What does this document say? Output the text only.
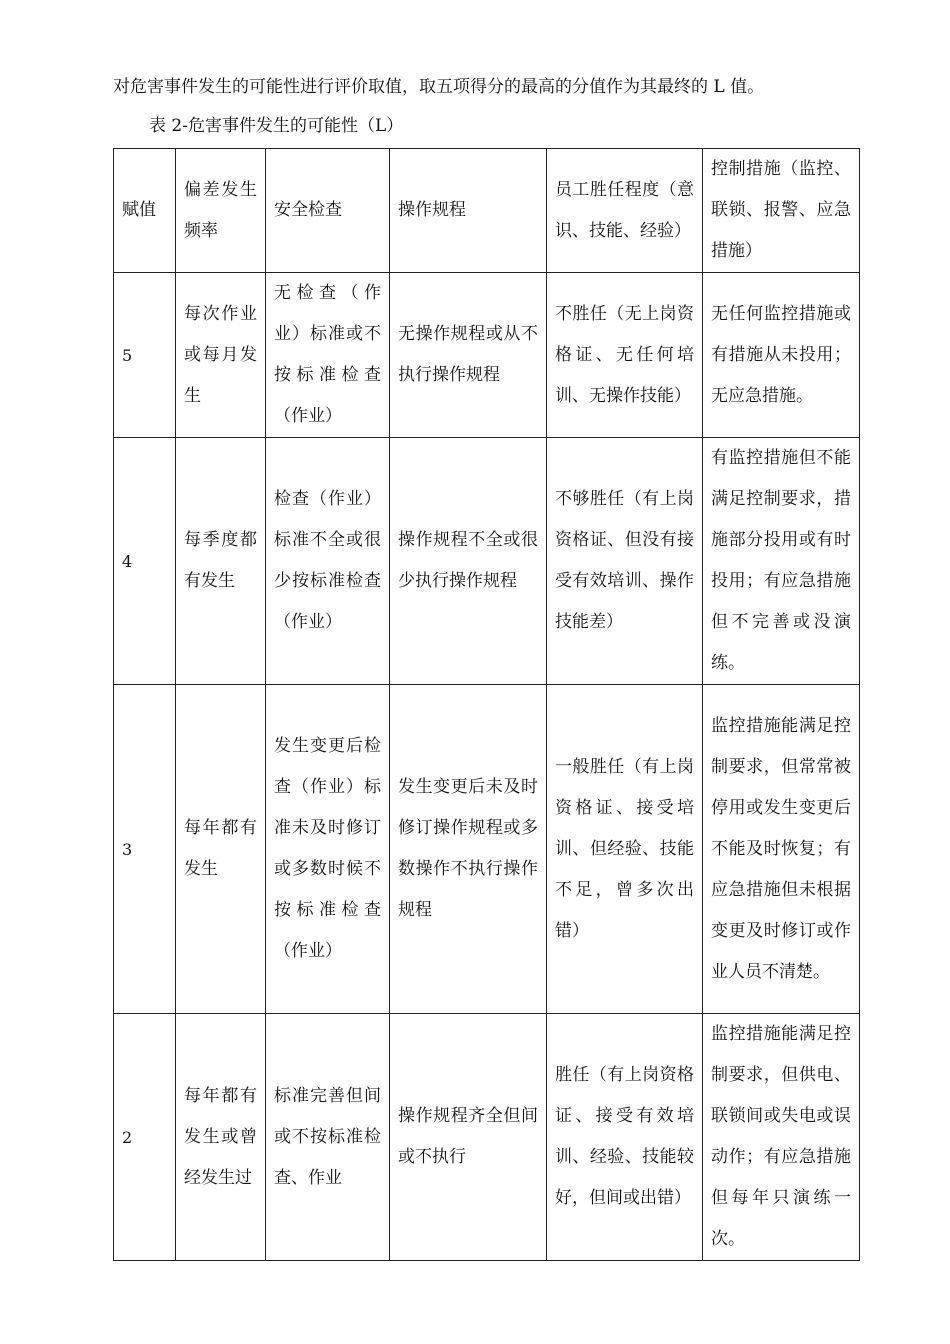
对危害事件发生的可能性进行评价取值，取五项得分的最高的分值作为其最终的 L 值。

表 2-危害事件发生的可能性（L）

赋值	偏差发生频率	安全检查	操作规程	员工胜任程度（意识、技能、经验）	控制措施（监控、联锁、报警、应急措施）
5	每次作业或每月发生	无检查（作业）标准或不按标准检查（作业）	无操作规程或从不执行操作规程	不胜任（无上岗资格证、无任何培训、无操作技能）	无任何监控措施或有措施从未投用；无应急措施。
4	每季度都有发生	检查（作业）标准不全或很少按标准检查（作业）	操作规程不全或很少执行操作规程	不够胜任（有上岗资格证、但没有接受有效培训、操作技能差）	有监控措施但不能满足控制要求，措施部分投用或有时投用；有应急措施但不完善或没演练。
3	每年都有发生	发生变更后检查（作业）标准未及时修订或多数时候不按标准检查（作业）	发生变更后未及时修订操作规程或多数操作不执行操作规程	一般胜任（有上岗资格证、接受培训、但经验、技能不足，曾多次出错）	监控措施能满足控制要求，但常常被停用或发生变更后不能及时恢复；有应急措施但未根据变更及时修订或作业人员不清楚。
2	每年都有发生或曾经发生过	标准完善但间或不按标准检查、作业	操作规程齐全但间或不执行	胜任（有上岗资格证、接受有效培训、经验、技能较好，但间或出错）	监控措施能满足控制要求，但供电、联锁间或失电或误动作；有应急措施但每年只演练一次。
